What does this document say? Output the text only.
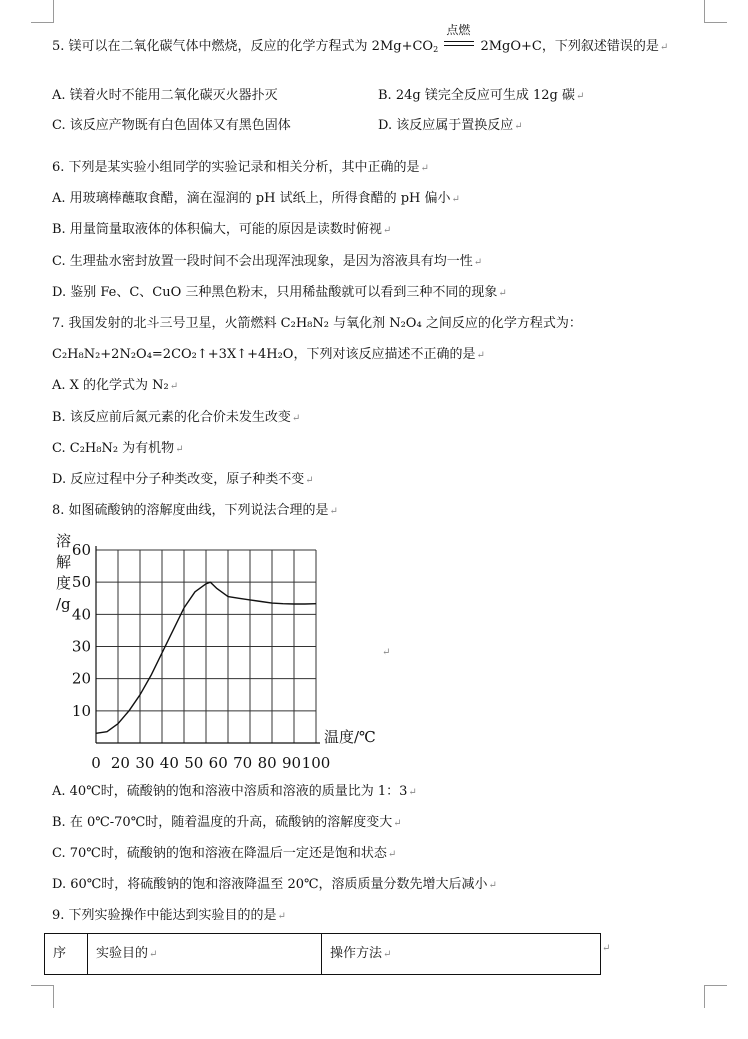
5. 镁可以在二氧化碳气体中燃烧，反应的化学方程式为 $2Mg+CO_2$
点燃
2MgO+C，下列叙述错误的是↵
A. 镁着火时不能用二氧化碳灭火器扑灭	B. 24g 镁完全反应可生成 12g 碳↵
C. 该反应产物既有白色固体又有黑色固体	D. 该反应属于置换反应↵
6. 下列是某实验小组同学的实验记录和相关分析，其中正确的是↵
A. 用玻璃棒蘸取食醋，滴在湿润的 pH 试纸上，所得食醋的 pH 偏小↵
B. 用量筒量取液体的体积偏大，可能的原因是读数时俯视↵
C. 生理盐水密封放置一段时间不会出现浑浊现象，是因为溶液具有均一性↵
D. 鉴别 Fe、C、CuO 三种黑色粉末，只用稀盐酸就可以看到三种不同的现象↵
7. 我国发射的北斗三号卫星，火箭燃料 C₂H₈N₂ 与氧化剂 N₂O₄ 之间反应的化学方程式为：
C₂H₈N₂+2N₂O₄=2CO₂↑+3X↑+4H₂O，下列对该反应描述不正确的是↵
A. X 的化学式为 N₂↵
B. 该反应前后氮元素的化合价未发生改变↵
C. C₂H₈N₂ 为有机物↵
D. 反应过程中分子种类改变，原子种类不变↵
8. 如图硫酸钠的溶解度曲线，下列说法合理的是↵
10
20
30
40
50
60
0 20 30 40 50 60 70 80 90 100
溶
解
度
/g
温度/℃
↵
A. 40℃时，硫酸钠的饱和溶液中溶质和溶液的质量比为 1：3↵
B. 在 0℃-70℃时，随着温度的升高，硫酸钠的溶解度变大↵
C. 70℃时，硫酸钠的饱和溶液在降温后一定还是饱和状态↵
D. 60℃时，将硫酸钠的饱和溶液降温至 20℃，溶质质量分数先增大后减小↵
9. 下列实验操作中能达到实验目的的是↵
序 实验目的↵	操作方法↵
↵
